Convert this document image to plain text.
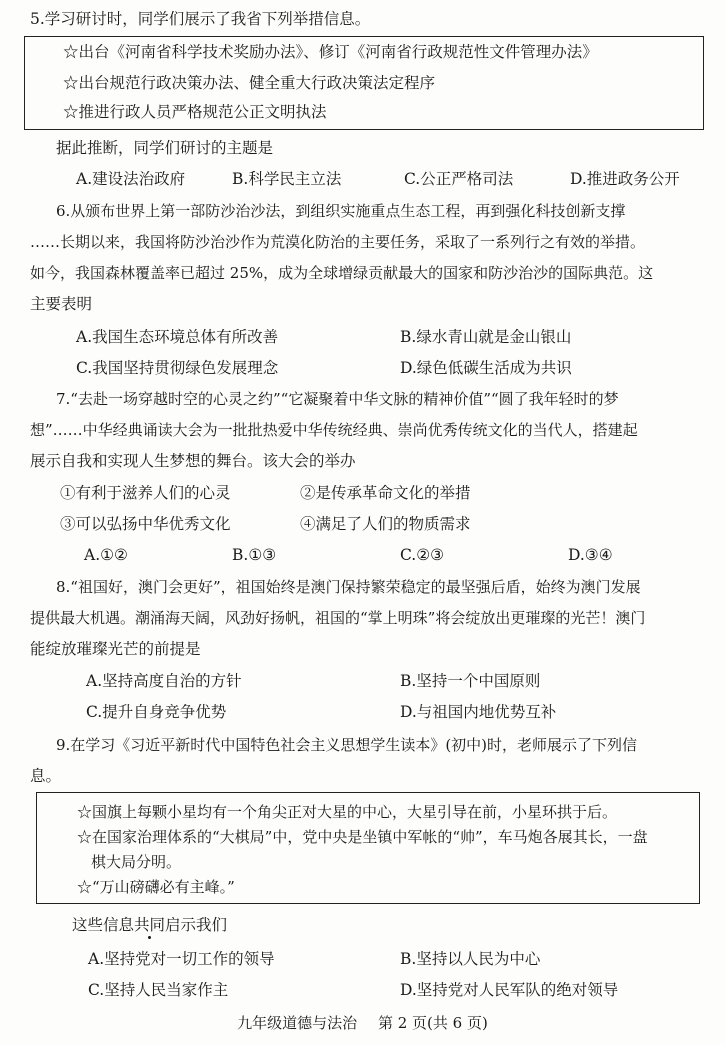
5.学习研讨时，同学们展示了我省下列举措信息。
☆出台《河南省科学技术奖励办法》、修订《河南省行政规范性文件管理办法》
☆出台规范行政决策办法、健全重大行政决策法定程序
☆推进行政人员严格规范公正文明执法
据此推断，同学们研讨的主题是
A.建设法治政府	B.科学民主立法	C.公正严格司法	D.推进政务公开
6.从颁布世界上第一部防沙治沙法，到组织实施重点生态工程，再到强化科技创新支撑
……长期以来，我国将防沙治沙作为荒漠化防治的主要任务，采取了一系列行之有效的举措。
如今，我国森林覆盖率已超过 25%，成为全球增绿贡献最大的国家和防沙治沙的国际典范。这
主要表明
A.我国生态环境总体有所改善	B.绿水青山就是金山银山
C.我国坚持贯彻绿色发展理念	D.绿色低碳生活成为共识
7.“去赴一场穿越时空的心灵之约”“它凝聚着中华文脉的精神价值”“圆了我年轻时的梦
想”……中华经典诵读大会为一批批热爱中华传统经典、崇尚优秀传统文化的当代人，搭建起
展示自我和实现人生梦想的舞台。该大会的举办
①有利于滋养人们的心灵	②是传承革命文化的举措
③可以弘扬中华优秀文化	④满足了人们的物质需求
A.①②	B.①③	C.②③	D.③④
8.“祖国好，澳门会更好”，祖国始终是澳门保持繁荣稳定的最坚强后盾，始终为澳门发展
提供最大机遇。潮涌海天阔，风劲好扬帆，祖国的“掌上明珠”将会绽放出更璀璨的光芒！澳门
能绽放璀璨光芒的前提是
A.坚持高度自治的方针	B.坚持一个中国原则
C.提升自身竞争优势	D.与祖国内地优势互补
9.在学习《习近平新时代中国特色社会主义思想学生读本》(初中)时，老师展示了下列信
息。
☆国旗上每颗小星均有一个角尖正对大星的中心，大星引导在前，小星环拱于后。
☆在国家治理体系的“大棋局”中，党中央是坐镇中军帐的“帅”，车马炮各展其长，一盘
棋大局分明。
☆“万山磅礴必有主峰。”
这些信息共同启示我们
A.坚持党对一切工作的领导	B.坚持以人民为中心
C.坚持人民当家作主	D.坚持党对人民军队的绝对领导
九年级道德与法治 第 2 页(共 6 页)
